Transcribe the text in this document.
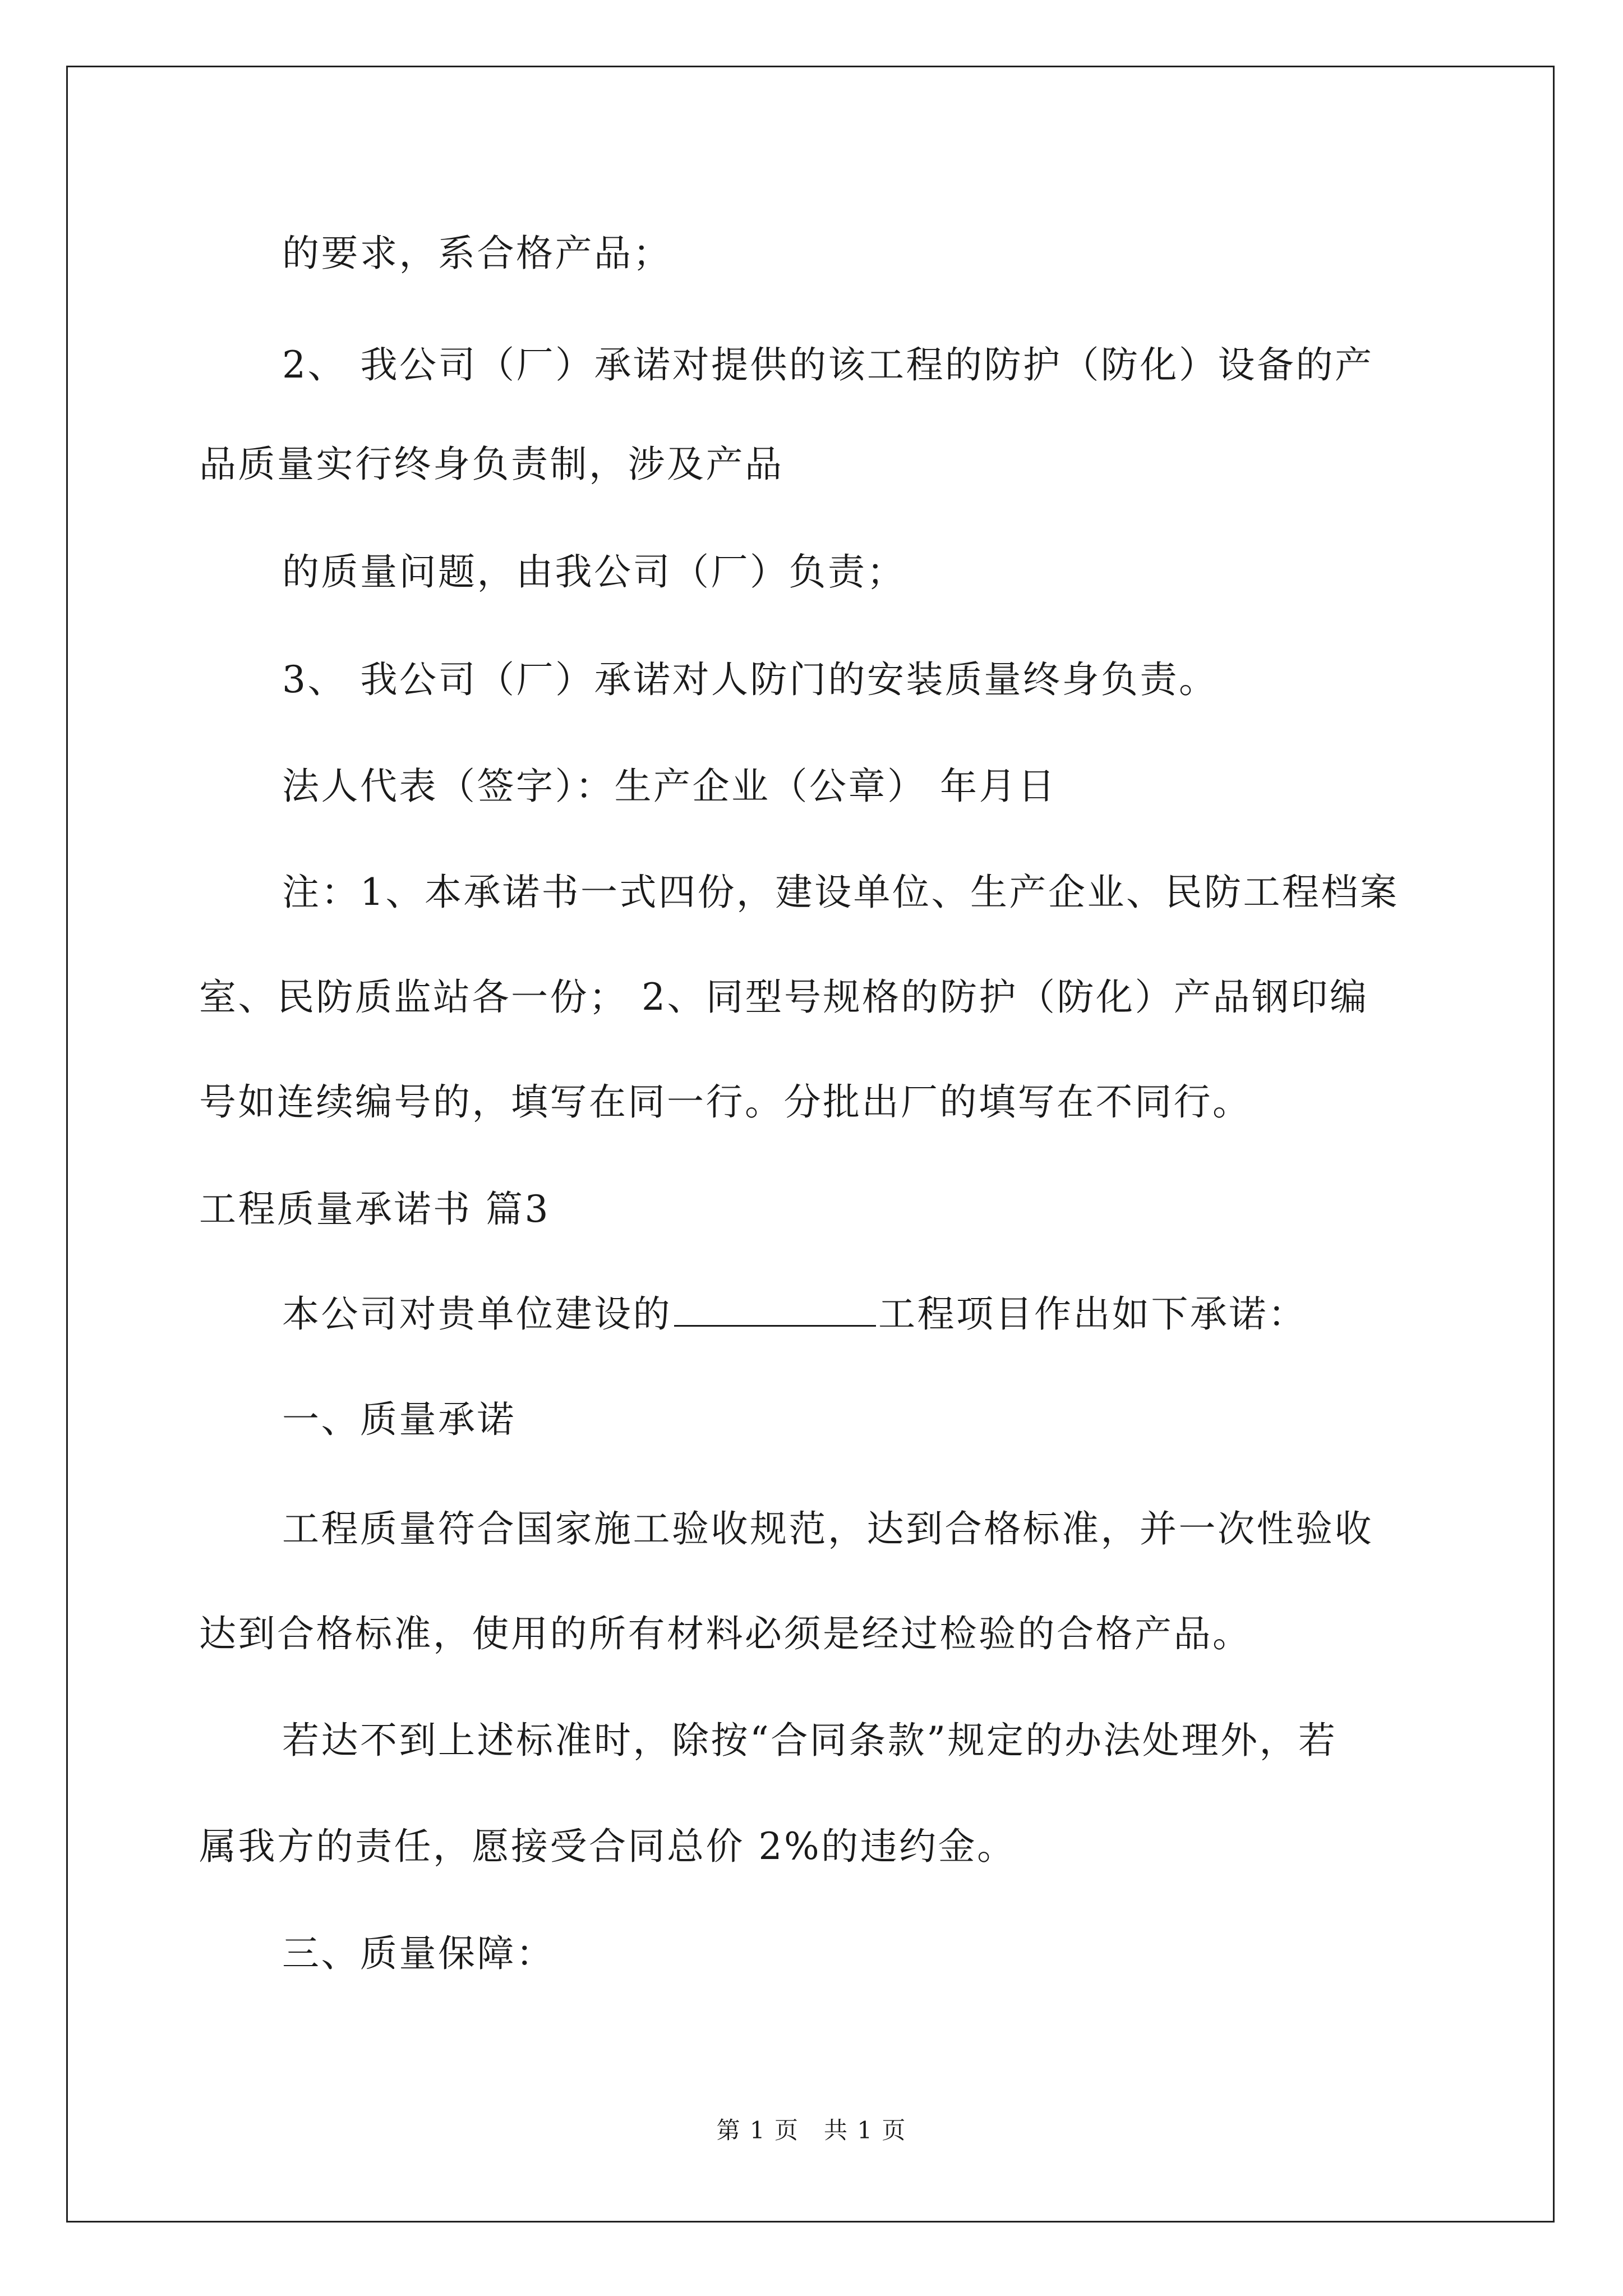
的要求，系合格产品；
2、 我公司（厂）承诺对提供的该工程的防护（防化）设备的产
品质量实行终身负责制，涉及产品
的质量问题，由我公司（厂）负责；
3、 我公司（厂）承诺对人防门的安装质量终身负责。
法人代表（签字）：生产企业（公章） 年月日
注：1、本承诺书一式四份，建设单位、生产企业、民防工程档案
室、民防质监站各一份； 2、同型号规格的防护（防化）产品钢印编
号如连续编号的，填写在同一行。分批出厂的填写在不同行。
工程质量承诺书 篇3
本公司对贵单位建设的	工程项目作出如下承诺：
一、质量承诺
工程质量符合国家施工验收规范，达到合格标准，并一次性验收
达到合格标准，使用的所有材料必须是经过检验的合格产品。
若达不到上述标准时，除按“合同条款”规定的办法处理外，若
属我方的责任，愿接受合同总价 2%的违约金。
三、质量保障：
第 1 页　共 1 页
